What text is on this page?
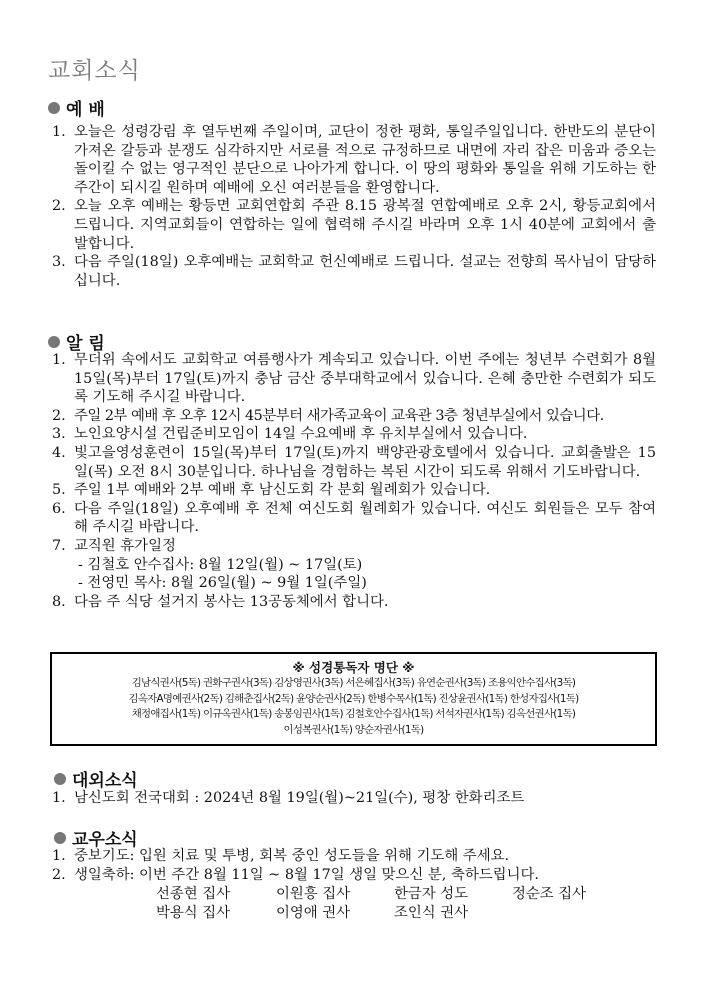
교회소식
예 배
1. 오늘은 성령강림 후 열두번째 주일이며, 교단이 정한 평화, 통일주일입니다. 한반도의 분단이 가져온 갈등과 분쟁도 심각하지만 서로를 적으로 규정하므로 내면에 자리 잡은 미움과 증오는 돌이킬 수 없는 영구적인 분단으로 나아가게 합니다. 이 땅의 평화와 통일을 위해 기도하는 한 주간이 되시길 원하며 예배에 오신 여러분들을 환영합니다.
2. 오늘 오후 예배는 황등면 교회연합회 주관 8.15 광복절 연합예배로 오후 2시, 황등교회에서 드립니다. 지역교회들이 연합하는 일에 협력해 주시길 바라며 오후 1시 40분에 교회에서 출발합니다.
3. 다음 주일(18일) 오후예배는 교회학교 헌신예배로 드립니다. 설교는 전향희 목사님이 담당하십니다.
알 림
1. 무더위 속에서도 교회학교 여름행사가 계속되고 있습니다. 이번 주에는 청년부 수련회가 8월 15일(목)부터 17일(토)까지 충남 금산 중부대학교에서 있습니다. 은혜 충만한 수련회가 되도록 기도해 주시길 바랍니다.
2. 주일 2부 예배 후 오후 12시 45분부터 새가족교육이 교육관 3층 청년부실에서 있습니다.
3. 노인요양시설 건립준비모임이 14일 수요예배 후 유치부실에서 있습니다.
4. 빛고을영성훈련이 15일(목)부터 17일(토)까지 백양관광호텔에서 있습니다. 교회출발은 15일(목) 오전 8시 30분입니다. 하나님을 경험하는 복된 시간이 되도록 위해서 기도바랍니다.
5. 주일 1부 예배와 2부 예배 후 남신도회 각 분회 월례회가 있습니다.
6. 다음 주일(18일) 오후예배 후 전체 여신도회 월례회가 있습니다. 여신도 회원들은 모두 참여해 주시길 바랍니다.
7. 교직원 휴가일정
- 김철호 안수집사: 8월 12일(월) ~ 17일(토)
- 전영민 목사: 8월 26일(월) ~ 9월 1일(주일)
8. 다음 주 식당 설거지 봉사는 13공동체에서 합니다.
※ 성경통독자 명단 ※
김남식권사(5독) 권화구권사(3독) 김상영권사(3독) 서은혜집사(3독) 유연순권사(3독) 조용익안수집사(3독)
김옥자A명예권사(2독) 김해춘집사(2독) 윤양순권사(2독) 한병수목사(1독) 진상윤권사(1독) 한성자집사(1독)
채정애집사(1독) 이규옥권사(1독) 송봉임권사(1독) 김철호안수집사(1독) 서석자권사(1독) 김옥선권사(1독)
이성복권사(1독) 양순자권사(1독)
대외소식
1. 남신도회 전국대회 : 2024년 8월 19일(월)~21일(수), 평창 한화리조트
교우소식
1. 중보기도: 입원 치료 및 투병, 회복 중인 성도들을 위해 기도해 주세요.
2. 생일축하: 이번 주간 8월 11일 ~ 8월 17일 생일 맞으신 분, 축하드립니다.
선종현 집사	이원흥 집사	한금자 성도	정순조 집사
박용식 집사	이영애 권사	조인식 권사
